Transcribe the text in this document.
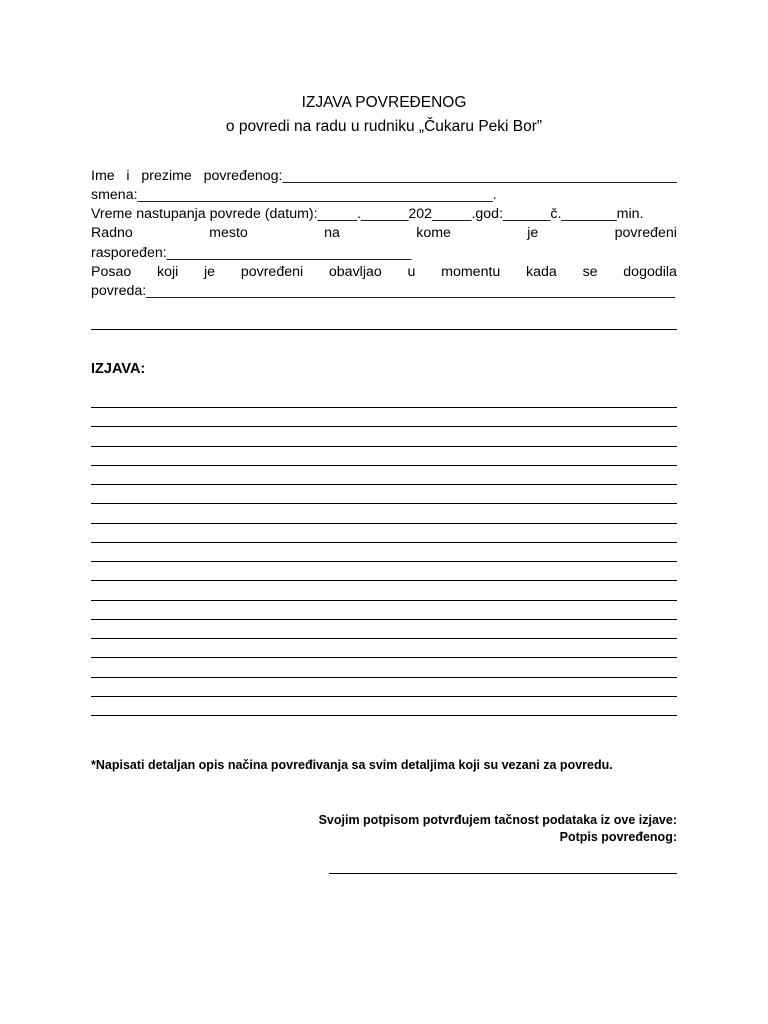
IZJAVA POVREĐENOG
o povredi na radu u rudniku „Čukaru Peki Bor”
Ime i prezime povređenog:__________________________________________________
smena:_____________________________________________.
Vreme nastupanja povrede (datum):_____.______202_____.god:______č._______min.
Radno	mesto	na	kome	je	povređeni
raspoređen:_______________________________
Posao koji je povređeni obavljao u momentu kada se dogodila
povreda:___________________________________________________________________
IZJAVA:
*Napisati detaljan opis načina povređivanja sa svim detaljima koji su vezani za povredu.
Svojim potpisom potvrđujem tačnost podataka iz ove izjave:
Potpis povređenog:
